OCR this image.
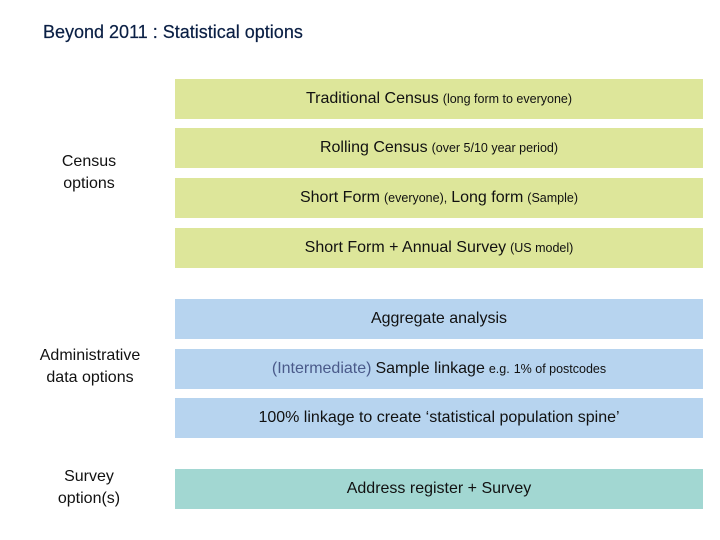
Beyond 2011 : Statistical options
Census
options
Administrative
data options
Survey
option(s)
Traditional Census (long form to everyone)
Rolling Census (over 5/10 year period)
Short Form (everyone), Long form (Sample)
Short Form + Annual Survey (US model)
Aggregate analysis
(Intermediate) Sample linkage e.g. 1% of postcodes
100% linkage to create ‘statistical population spine’
Address register + Survey
